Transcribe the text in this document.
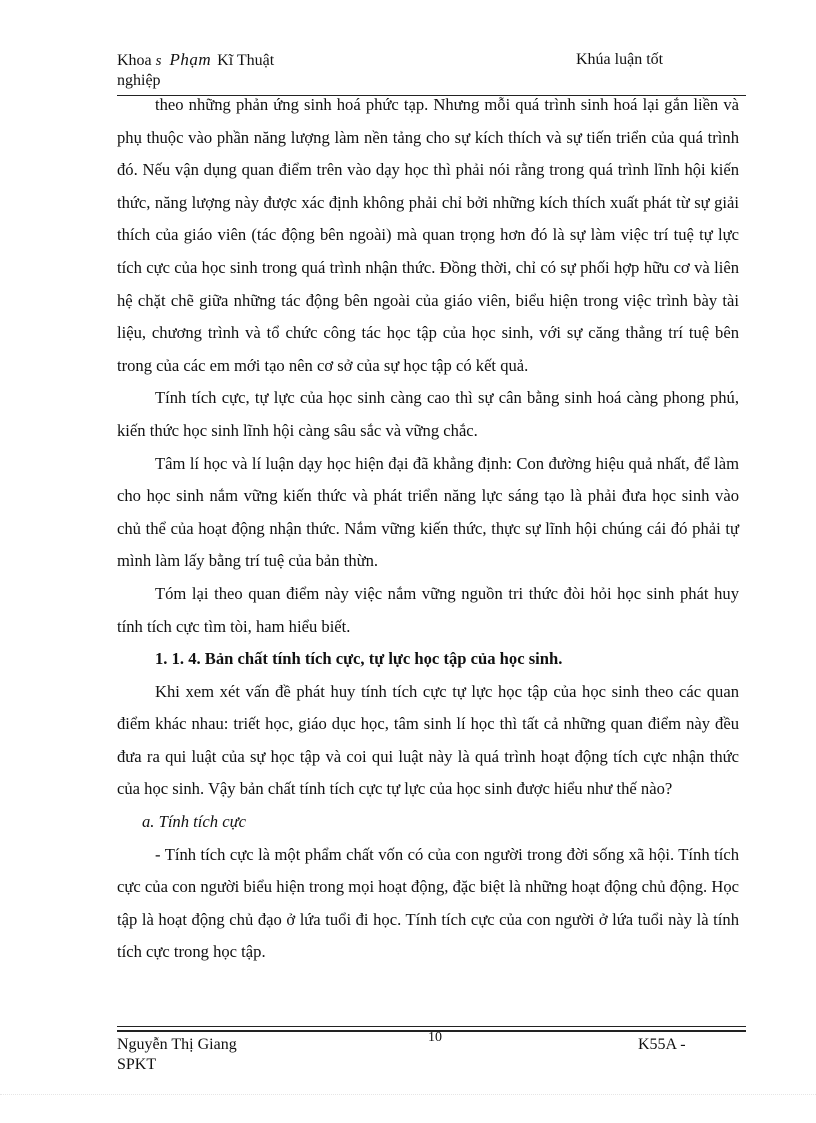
Khoa s Phạm Kĩ Thuật
nghiệp
Khúa luận tốt

theo những phản ứng sinh hoá phức tạp. Nhưng mỗi quá trình sinh hoá lại gắn liền và phụ thuộc vào phần năng lượng làm nền tảng cho sự kích thích và sự tiến triển của quá trình đó. Nếu vận dụng quan điểm trên vào dạy học thì phải nói rằng trong quá trình lĩnh hội kiến thức, năng lượng này được xác định không phải chỉ bởi những kích thích xuất phát từ sự giải thích của giáo viên (tác động bên ngoài) mà quan trọng hơn đó là sự làm việc trí tuệ tự lực tích cực của học sinh trong quá trình nhận thức. Đồng thời, chỉ có sự phối hợp hữu cơ và liên hệ chặt chẽ giữa những tác động bên ngoài của giáo viên, biểu hiện trong việc trình bày tài liệu, chương trình và tổ chức công tác học tập của học sinh, với sự căng thẳng trí tuệ bên trong của các em mới tạo nên cơ sở của sự học tập có kết quả.

Tính tích cực, tự lực của học sinh càng cao thì sự cân bằng sinh hoá càng phong phú, kiến thức học sinh lĩnh hội càng sâu sắc và vững chắc.

Tâm lí học và lí luận dạy học hiện đại đã khẳng định: Con đường hiệu quả nhất, để làm cho học sinh nắm vững kiến thức và phát triển năng lực sáng tạo là phải đưa học sinh vào chủ thể của hoạt động nhận thức. Nắm vững kiến thức, thực sự lĩnh hội chúng cái đó phải tự mình làm lấy bằng trí tuệ của bản thừn.

Tóm lại theo quan điểm này việc nắm vững nguồn tri thức đòi hỏi học sinh phát huy tính tích cực tìm tòi, ham hiểu biết.

1. 1. 4. Bản chất tính tích cực, tự lực học tập của học sinh.

Khi xem xét vấn đề phát huy tính tích cực tự lực học tập của học sinh theo các quan điểm khác nhau: triết học, giáo dục học, tâm sinh lí học thì tất cả những quan điểm này đều đưa ra qui luật của sự học tập và coi qui luật này là quá trình hoạt động tích cực nhận thức của học sinh. Vậy bản chất tính tích cực tự lực của học sinh được hiểu như thế nào?

a. Tính tích cực

- Tính tích cực là một phẩm chất vốn có của con người trong đời sống xã hội. Tính tích cực của con người biểu hiện trong mọi hoạt động, đặc biệt là những hoạt động chủ động. Học tập là hoạt động chủ đạo ở lứa tuổi đi học. Tính tích cực của con người ở lứa tuổi này là tính tích cực trong học tập.

Nguyễn Thị Giang
SPKT
10	K55A -
